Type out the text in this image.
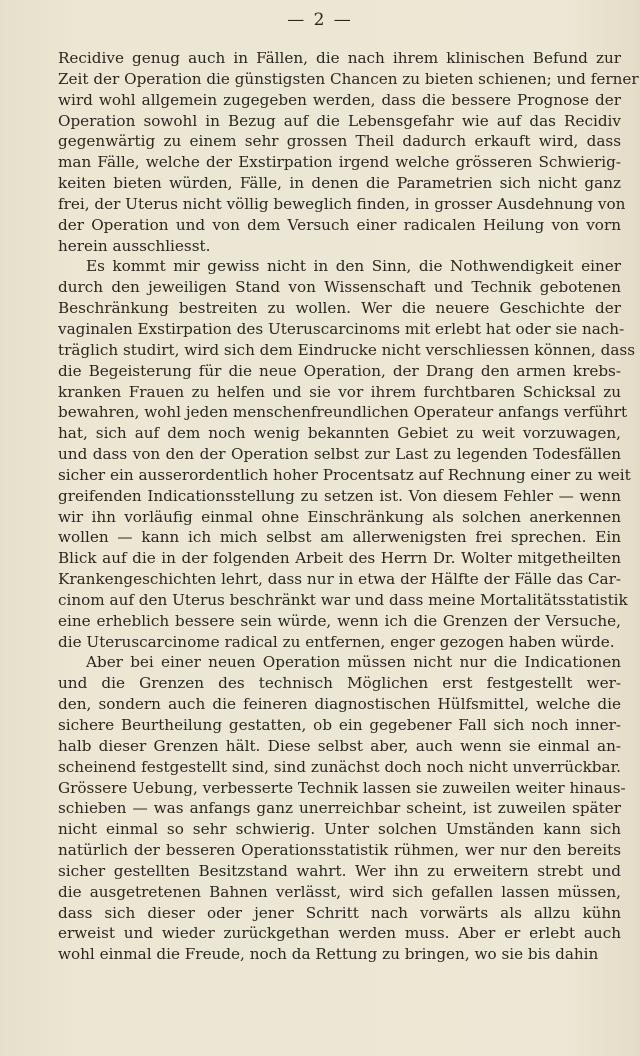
— 2 —

Recidive genug auch in Fällen, die nach ihrem klinischen Befund zur
Zeit der Operation die günstigsten Chancen zu bieten schienen; und ferner
wird wohl allgemein zugegeben werden, dass die bessere Prognose der
Operation sowohl in Bezug auf die Lebensgefahr wie auf das Recidiv
gegenwärtig zu einem sehr grossen Theil dadurch erkauft wird, dass
man Fälle, welche der Exstirpation irgend welche grösseren Schwierig-
keiten bieten würden, Fälle, in denen die Parametrien sich nicht ganz
frei, der Uterus nicht völlig beweglich finden, in grosser Ausdehnung von
der Operation und von dem Versuch einer radicalen Heilung von vorn
herein ausschliesst.

Es kommt mir gewiss nicht in den Sinn, die Nothwendigkeit einer
durch den jeweiligen Stand von Wissenschaft und Technik gebotenen
Beschränkung bestreiten zu wollen. Wer die neuere Geschichte der
vaginalen Exstirpation des Uteruscarcinoms mit erlebt hat oder sie nach-
träglich studirt, wird sich dem Eindrucke nicht verschliessen können, dass
die Begeisterung für die neue Operation, der Drang den armen krebs-
kranken Frauen zu helfen und sie vor ihrem furchtbaren Schicksal zu
bewahren, wohl jeden menschenfreundlichen Operateur anfangs verführt
hat, sich auf dem noch wenig bekannten Gebiet zu weit vorzuwagen,
und dass von den der Operation selbst zur Last zu legenden Todesfällen
sicher ein ausserordentlich hoher Procentsatz auf Rechnung einer zu weit
greifenden Indicationsstellung zu setzen ist. Von diesem Fehler — wenn
wir ihn vorläufig einmal ohne Einschränkung als solchen anerkennen
wollen — kann ich mich selbst am allerwenigsten frei sprechen. Ein
Blick auf die in der folgenden Arbeit des Herrn Dr. Wolter mitgetheilten
Krankengeschichten lehrt, dass nur in etwa der Hälfte der Fälle das Car-
cinom auf den Uterus beschränkt war und dass meine Mortalitätsstatistik
eine erheblich bessere sein würde, wenn ich die Grenzen der Versuche,
die Uteruscarcinome radical zu entfernen, enger gezogen haben würde.

Aber bei einer neuen Operation müssen nicht nur die Indicationen
und die Grenzen des technisch Möglichen erst festgestellt wer-
den, sondern auch die feineren diagnostischen Hülfsmittel, welche die
sichere Beurtheilung gestatten, ob ein gegebener Fall sich noch inner-
halb dieser Grenzen hält. Diese selbst aber, auch wenn sie einmal an-
scheinend festgestellt sind, sind zunächst doch noch nicht unverrückbar.
Grössere Uebung, verbesserte Technik lassen sie zuweilen weiter hinaus-
schieben — was anfangs ganz unerreichbar scheint, ist zuweilen später
nicht einmal so sehr schwierig. Unter solchen Umständen kann sich
natürlich der besseren Operationsstatistik rühmen, wer nur den bereits
sicher gestellten Besitzstand wahrt. Wer ihn zu erweitern strebt und
die ausgetretenen Bahnen verlässt, wird sich gefallen lassen müssen,
dass sich dieser oder jener Schritt nach vorwärts als allzu kühn
erweist und wieder zurückgethan werden muss. Aber er erlebt auch
wohl einmal die Freude, noch da Rettung zu bringen, wo sie bis dahin
